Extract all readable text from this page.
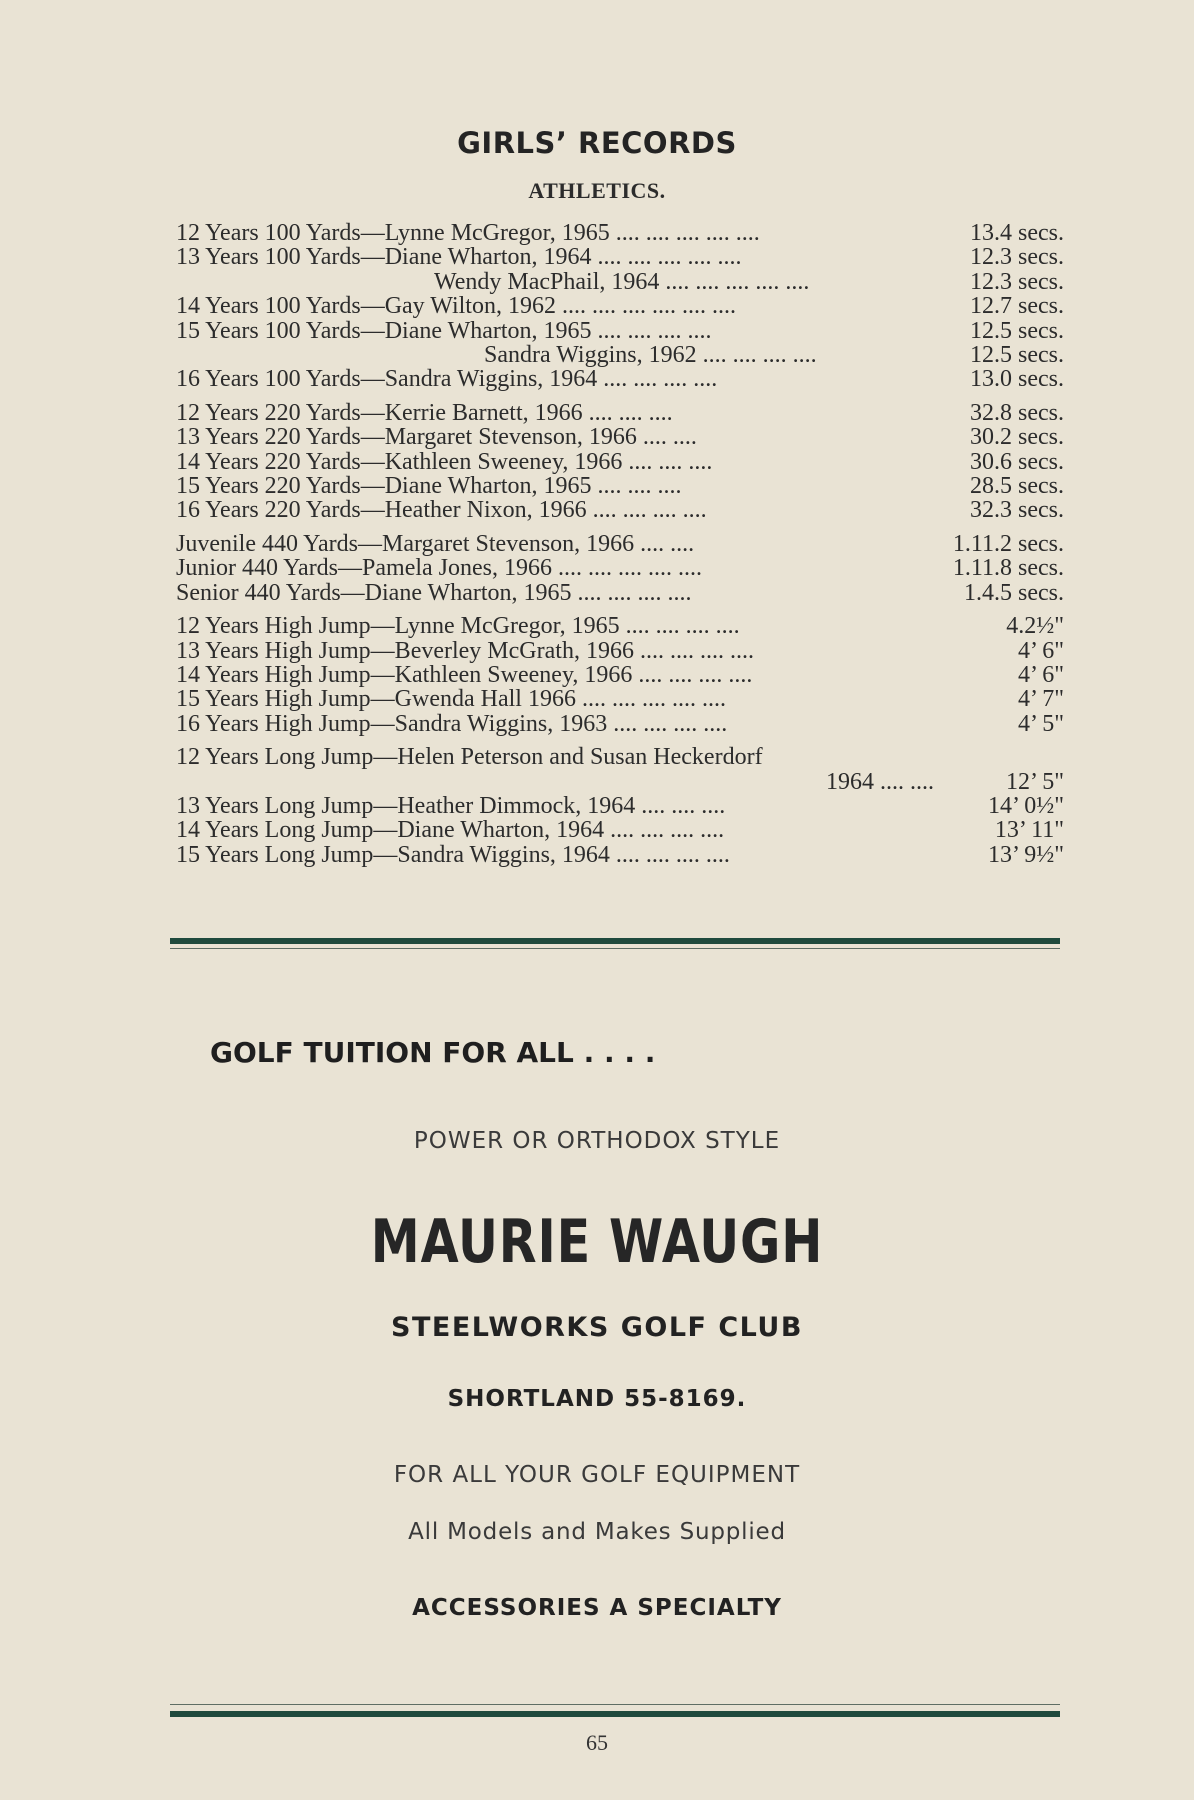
GIRLS’ RECORDS
ATHLETICS.
12 Years 100 Yards—Lynne McGregor, 1965 .... .... .... .... ....	13.4 secs.
13 Years 100 Yards—Diane Wharton, 1964 .... .... .... .... ....	12.3 secs.
Wendy MacPhail, 1964 .... .... .... .... ....	12.3 secs.
14 Years 100 Yards—Gay Wilton, 1962 .... .... .... .... .... ....	12.7 secs.
15 Years 100 Yards—Diane Wharton, 1965 .... .... .... ....	12.5 secs.
Sandra Wiggins, 1962 .... .... .... ....	12.5 secs.
16 Years 100 Yards—Sandra Wiggins, 1964 .... .... .... ....	13.0 secs.
12 Years 220 Yards—Kerrie Barnett, 1966 .... .... ....	32.8 secs.
13 Years 220 Yards—Margaret Stevenson, 1966 .... ....	30.2 secs.
14 Years 220 Yards—Kathleen Sweeney, 1966 .... .... ....	30.6 secs.
15 Years 220 Yards—Diane Wharton, 1965 .... .... ....	28.5 secs.
16 Years 220 Yards—Heather Nixon, 1966 .... .... .... ....	32.3 secs.
Juvenile 440 Yards—Margaret Stevenson, 1966 .... ....	1.11.2 secs.
Junior 440 Yards—Pamela Jones, 1966 .... .... .... .... ....	1.11.8 secs.
Senior 440 Yards—Diane Wharton, 1965 .... .... .... ....	1.4.5 secs.
12 Years High Jump—Lynne McGregor, 1965 .... .... .... ....	4.2½"
13 Years High Jump—Beverley McGrath, 1966 .... .... .... ....	4’ 6"
14 Years High Jump—Kathleen Sweeney, 1966 .... .... .... ....	4’ 6"
15 Years High Jump—Gwenda Hall 1966 .... .... .... .... ....	4’ 7"
16 Years High Jump—Sandra Wiggins, 1963 .... .... .... ....	4’ 5"
12 Years Long Jump—Helen Peterson and Susan Heckerdorf
1964 .... ....	12’ 5"
13 Years Long Jump—Heather Dimmock, 1964 .... .... ....	14’ 0½"
14 Years Long Jump—Diane Wharton, 1964 .... .... .... ....	13’ 11"
15 Years Long Jump—Sandra Wiggins, 1964 .... .... .... ....	13’ 9½"
GOLF TUITION FOR ALL . . . .
POWER OR ORTHODOX STYLE
MAURIE WAUGH
STEELWORKS GOLF CLUB
SHORTLAND 55-8169.
FOR ALL YOUR GOLF EQUIPMENT
All Models and Makes Supplied
ACCESSORIES A SPECIALTY
65
